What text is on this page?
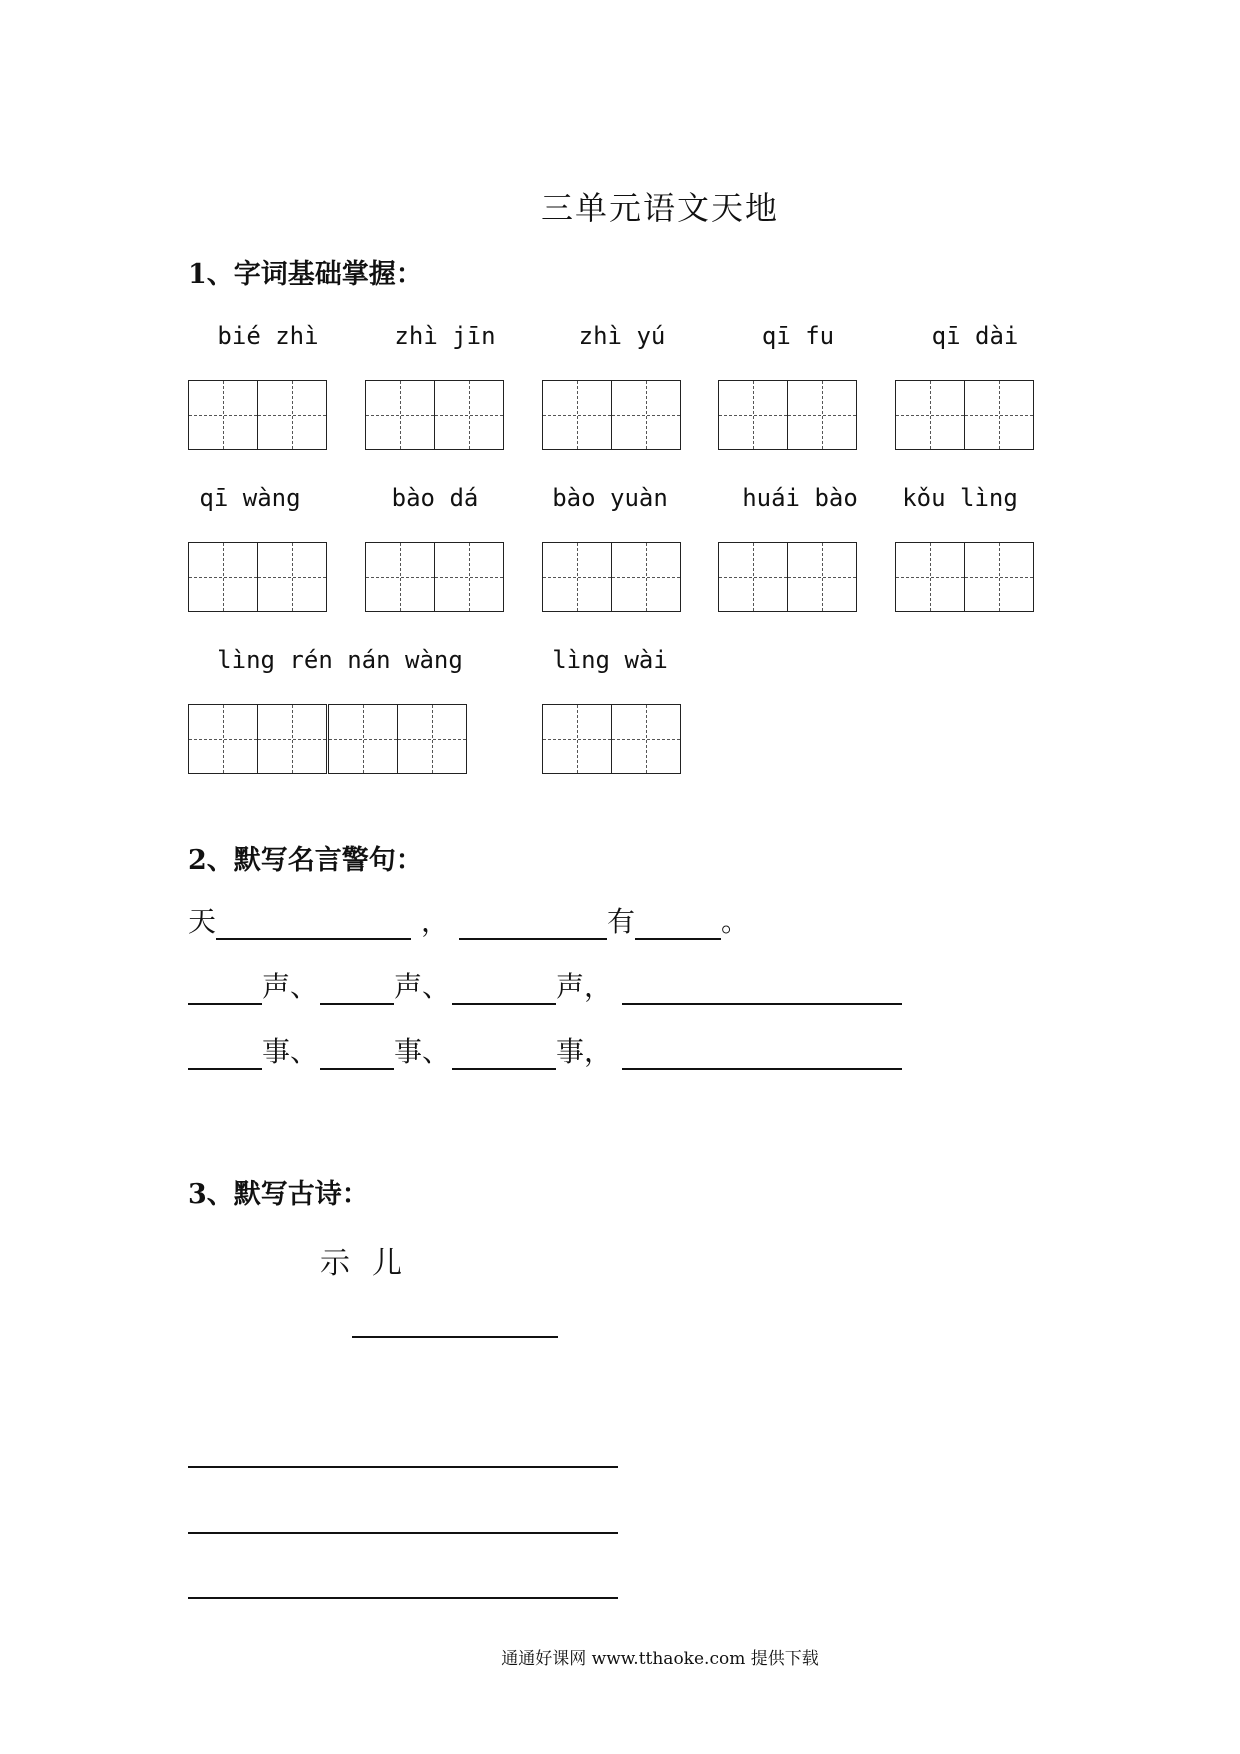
三单元语文天地
1、字词基础掌握：
bié zhì	zhì jīn	zhì yú	qī fu	qī dài
qī wàng	bào dá	bào yuàn	huái bào	kǒu lìng
lìng rén nán wàng	lìng wài
2、默写名言警句：
天	，	有	。
声、	声、	声，
事、	事、	事，
3、默写古诗：
示儿
通通好课网 www.tthaoke.com 提供下载
